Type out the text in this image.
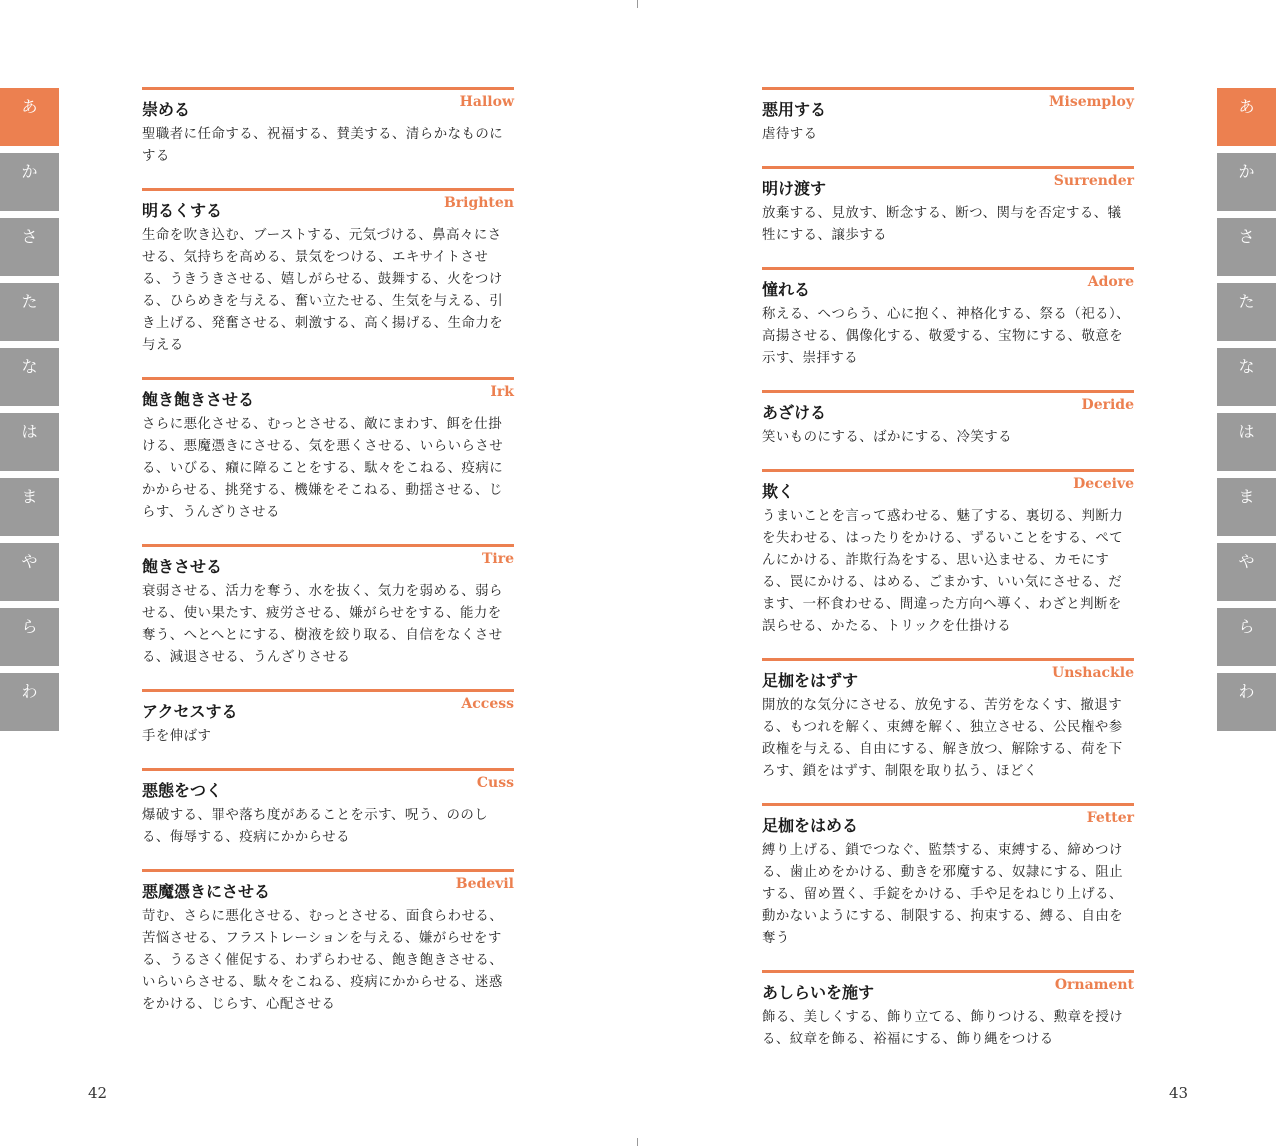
あ
か
さ
た
な
は
ま
や
ら
わ
あ
か
さ
た
な
は
ま
や
ら
わ
崇める	Hallow
聖職者に任命する、祝福する、賛美する、清らかなものにする
明るくする	Brighten
生命を吹き込む、ブーストする、元気づける、鼻高々にさせる、気持ちを高める、景気をつける、エキサイトさせる、うきうきさせる、嬉しがらせる、鼓舞する、火をつける、ひらめきを与える、奮い立たせる、生気を与える、引き上げる、発奮させる、刺激する、高く揚げる、生命力を与える
飽き飽きさせる	Irk
さらに悪化させる、むっとさせる、敵にまわす、餌を仕掛ける、悪魔憑きにさせる、気を悪くさせる、いらいらさせる、いびる、癪に障ることをする、駄々をこねる、疫病にかからせる、挑発する、機嫌をそこねる、動揺させる、じらす、うんざりさせる
飽きさせる	Tire
衰弱させる、活力を奪う、水を抜く、気力を弱める、弱らせる、使い果たす、疲労させる、嫌がらせをする、能力を奪う、へとへとにする、樹液を絞り取る、自信をなくさせる、減退させる、うんざりさせる
アクセスする	Access
手を伸ばす
悪態をつく	Cuss
爆破する、罪や落ち度があることを示す、呪う、ののしる、侮辱する、疫病にかからせる
悪魔憑きにさせる	Bedevil
苛む、さらに悪化させる、むっとさせる、面食らわせる、苦悩させる、フラストレーションを与える、嫌がらせをする、うるさく催促する、わずらわせる、飽き飽きさせる、いらいらさせる、駄々をこねる、疫病にかからせる、迷惑をかける、じらす、心配させる
悪用する	Misemploy
虐待する
明け渡す	Surrender
放棄する、見放す、断念する、断つ、関与を否定する、犠牲にする、譲歩する
憧れる	Adore
称える、へつらう、心に抱く、神格化する、祭る（祀る）、高揚させる、偶像化する、敬愛する、宝物にする、敬意を示す、崇拝する
あざける	Deride
笑いものにする、ばかにする、冷笑する
欺く	Deceive
うまいことを言って惑わせる、魅了する、裏切る、判断力を失わせる、はったりをかける、ずるいことをする、ぺてんにかける、詐欺行為をする、思い込ませる、カモにする、罠にかける、はめる、ごまかす、いい気にさせる、だます、一杯食わせる、間違った方向へ導く、わざと判断を誤らせる、かたる、トリックを仕掛ける
足枷をはずす	Unshackle
開放的な気分にさせる、放免する、苦労をなくす、撤退する、もつれを解く、束縛を解く、独立させる、公民権や参政権を与える、自由にする、解き放つ、解除する、荷を下ろす、鎖をはずす、制限を取り払う、ほどく
足枷をはめる	Fetter
縛り上げる、鎖でつなぐ、監禁する、束縛する、締めつける、歯止めをかける、動きを邪魔する、奴隷にする、阻止する、留め置く、手錠をかける、手や足をねじり上げる、動かないようにする、制限する、拘束する、縛る、自由を奪う
あしらいを施す	Ornament
飾る、美しくする、飾り立てる、飾りつける、勲章を授ける、紋章を飾る、裕福にする、飾り縄をつける
42	43
